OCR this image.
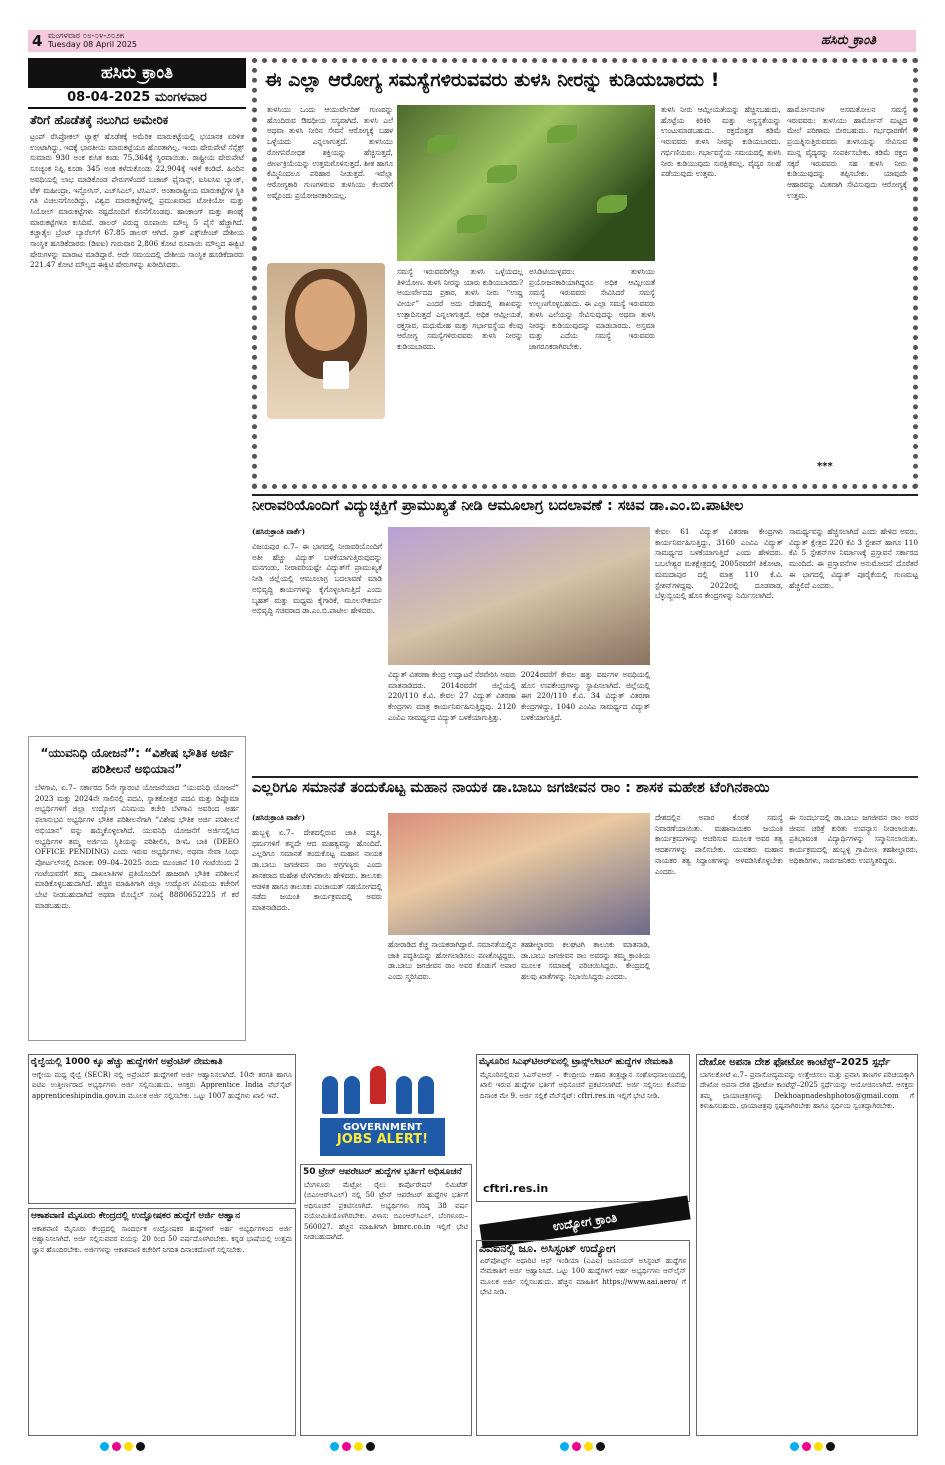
4 ಮಂಗಳವಾರ ೦೮-೦೪-೨೦೨೫
Tuesday 08 April 2025	ಹಸಿರು ಕ್ರಾಂತಿ
ಹಸಿರು ಕ್ರಾಂತಿ
08-04-2025 ಮಂಗಳವಾರ
ತೆರಿಗೆ ಹೊಡೆತಕ್ಕೆ ನಲುಗಿದ ಅಮೇರಿಕ
ಟ್ರಂಪ್ ರೆಸಿಪ್ರೋಕಲ್ ಟ್ಯಾಕ್ಸ್ ಹೊಡೆತಕ್ಕೆ ಅಮೆರಿಕ ಮಾರುಕಟ್ಟೆಯಲ್ಲಿ ಭಯಾನಕ ಏರಿಳಿತ ಉಂಟಾಗಿದ್ದು, ಇದಕ್ಕೆ ಭಾರತೀಯ ಮಾರುಕಟ್ಟೆಯೂ ಹೊರತಾಗಿಲ್ಲ. ಇಂದು ಷೇರುಪೇಟೆ ಸೆನ್ಸೆಕ್ಸ್ ಸುಮಾರು 930 ಅಂಕ ಕುಸಿತ ಕಂಡು 75,364ಕ್ಕೆ ಸ್ಥಿರವಾಯಿತು. ರಾಷ್ಟ್ರೀಯ ಷೇರುಪೇಟೆ ಸೂಚ್ಯಂಕ ನಿಫ್ಟಿ ಕೂಡಾ 345 ಅಂಕ ಕಳೆದುಕೊಂಡು 22,904ಕ್ಕೆ ಇಳಿಕೆ ಕಂಡಿದೆ. ಹಿಂದಿನ ಅವಧಿಯಲ್ಲಿ ಲಾಭ ಮಾಡಿಕೊಂಡ ಪೇರುಗಳೆಂದರೆ ಬಜಾಜ್ ಫೈನಾನ್ಸ್, ಐಸಿಐಸಿಐ ಬ್ಯಾಂಕ್, ಟೆಕ್ ಮಹೀಂದ್ರಾ, ಇನ್ಫೋಸಿಸ್, ಎಚ್‌ಸಿಎಲ್, ಟಿಸಿಎಸ್. ಅಂತಾರಾಷ್ಟ್ರೀಯ ಮಾರುಕಟ್ಟೆಗಳ ಸ್ಥಿತಿ ಗತಿ ವಿಚಲನಗೊಂಡಿದ್ದು, ವಿಶ್ವದ ಮಾರುಕಟ್ಟೆಗಳಲ್ಲಿ ಪ್ರಮುಖವಾದ ಟೋಕಿಯೋ ಮತ್ತು ಸಿಯೋಲ್ ಮಾರುಕಟ್ಟೆಗಳು ನಷ್ಟದೊಂದಿಗೆ ಕೊನೆಗೊಂಡವು. ಹಾಂಕಾಂಗ್ ಮತ್ತು ಶಾಂಘೈ ಮಾರುಕಟ್ಟೆಗಳೂ ಕುಸಿದಿವೆ. ಡಾಲರ್ ವಿರುದ್ಧ ರೂಪಾಯಿ ಮೌಲ್ಯ 5 ಪೈಸೆ ಹೆಚ್ಚಾಗಿದೆ. ಕಚ್ಚಾತೈಲ ಬ್ರೆಂಟ್ ಬ್ಯಾರೆಲ್‌ಗೆ 67.85 ಡಾಲರ್ ಆಗಿದೆ. ಸ್ಟಾಕ್ ಎಕ್ಸ್‌ಚೇಂಜ್ ದೇಶೀಯ ಸಾಂಸ್ಥಿಕ ಹೂಡಿಕೆದಾರರು (ಡಿಐಐ) ಗುರುವಾರ 2,806 ಕೋಟಿ ರೂಪಾಯಿ ಮೌಲ್ಯದ ಈಕ್ವಿಟಿ ಷೇರುಗಳನ್ನು ಮಾರಾಟ ಮಾಡಿದ್ದಾರೆ. ಅದೇ ಸಮಯದಲ್ಲಿ ದೇಶೀಯ ಸಾಂಸ್ಥಿಕ ಹೂಡಿಕೆದಾರರು 221.47 ಕೋಟಿ ಮೌಲ್ಯದ ಈಕ್ವಿಟಿ ಷೇರುಗಳನ್ನು ಖರೀದಿಸಿದರು.
“ಯುವನಿಧಿ ಯೋಜನೆ”: “ವಿಶೇಷ ಭೌತಿಕ ಅರ್ಜಿ ಪರಿಶೀಲನೆ ಅಭಿಯಾನ”
ಬೆಳಗಾವಿ, ಏ.7– ಸರ್ಕಾರದ 5ನೇ ಗ್ಯಾರಂಟಿ ಯೋಜನೆಯಾದ “ಯುವನಿಧಿ ಯೋಜನೆ” 2023 ಮತ್ತು 2024ನೇ ಸಾಲಿನಲ್ಲಿ ಪದವಿ, ಸ್ನಾತಕೋತ್ತರ ಪದವಿ ಮತ್ತು ಡಿಪ್ಲೊಮಾ ಅಭ್ಯರ್ಥಿಗಳಿಗೆ ಜಿಲ್ಲಾ ಉದ್ಯೋಗ ವಿನಿಮಯ ಕಚೇರಿ ಬೆಳಗಾವಿ ಅವರಿಂದ ಅರ್ಹ ಫಲಾನುಭವಿ ಅಭ್ಯರ್ಥಿಗಳ ಭೌತಿಕ ಪರಿಶೀಲನೆಗಾಗಿ “ವಿಶೇಷ ಭೌತಿಕ ಅರ್ಜಿ ಪರಿಶೀಲನೆ ಅಭಿಯಾನ” ವನ್ನು ಹಮ್ಮಿಕೊಳ್ಳಲಾಗಿದೆ. ಯುವನಿಧಿ ಯೋಜನೆಗೆ ಅರ್ಜಿಸಲ್ಲಿಸಿದ ಅಭ್ಯರ್ಥಿಗಳ ತಮ್ಮ ಅರ್ಜಿಯ ಸ್ಥಿತಿಯನ್ನು ಪರಿಶೀಲಿಸಿ, ಡಿಇಓ ಬಾಕಿ (DEEO OFFICE PENDING) ಎಂದು ಇರುವ ಅಭ್ಯರ್ಥಿಗಳು, ಅಥವಾ ಸೇವಾ ಸಿಂಧು ಪೋರ್ಟಲ್‌ನಲ್ಲಿ ದಿನಾಂಕ: 09–04–2025 ರಂದು ಮುಂಜಾನೆ 10 ಗಂಟೆಯಿಂದ 2 ಗಂಟೆಯವರೆಗೆ ತಮ್ಮ ದಾಖಲಾತಿಗಳ ಪ್ರತಿಯೊಂದಿಗೆ ಹಾಜರಾಗಿ ಭೌತಿಕ ಪರಿಶೀಲನೆ ಮಾಡಿಕೊಳ್ಳಬಹುದಾಗಿದೆ. ಹೆಚ್ಚಿನ ಮಾಹಿತಿಗಾಗಿ ಜಿಲ್ಲಾ ಉದ್ಯೋಗ ವಿನಿಮಯ ಕಚೇರಿಗೆ ಬೇಟಿ ನೀಡಬಹುದಾಗಿದೆ ಅಥವಾ ಮೊಬೈಲ್ ಸಂಖ್ಯೆ 8880652225 ಗೆ ಕರೆ ಮಾಡಬಹುದು.
ಈ ಎಲ್ಲಾ ಆರೋಗ್ಯ ಸಮಸ್ಯೆಗಳಿರುವವರು ತುಳಸಿ ನೀರನ್ನು ಕುಡಿಯಬಾರದು !
ತುಳಸಿಯು ಒಂದು ಆಯುರ್ವೇದಿಕ್ ಗುಣವನ್ನು ಹೊಂದಿರುವ ಔಷಧೀಯ ಸಸ್ಯವಾಗಿದೆ. ತುಳಸಿ ಎಲೆ ಅಥವಾ ತುಳಸಿ ನೀರಿನ ಸೇವನೆ ಆರೋಗ್ಯಕ್ಕೆ ಬಹಳ ಒಳ್ಳೆಯದು ಎನ್ನಲಾಗುತ್ತದೆ. ತುಳಸಿಯು ರೋಗನಿರೋಧಕ ಶಕ್ತಿಯನ್ನು ಹೆಚ್ಚಿಸುತ್ತದೆ, ಜೀರ್ಣಕ್ರಿಯೆಯನ್ನು ಉತ್ತಮಗೊಳಿಸುತ್ತದೆ. ಶೀತ ಹಾಗೂ ಕೆಮ್ಮಿನಿಂದಲೂ ಪರಿಹಾರ ನೀಡುತ್ತದೆ. ಇವೆಲ್ಲಾ ಆರೋಗ್ಯಕಾರಿ ಗುಣಗಳಿರುವ ತುಳಸಿಯು ಕೆಲವರಿಗೆ ಅಷ್ಟೊಂದು ಪ್ರಯೋಜನಕಾರಿಯಲ್ಲ.
ಸಮಸ್ಯೆ ಇರುವವರಿಗೆಲ್ಲಾ ತುಳಸಿ ಒಳ್ಳೆಯದಲ್ಲ ತಿಳಿಯೋಣ. ತುಳಸಿ ನೀರನ್ನು ಯಾರು ಕುಡಿಯಬಾರದು? ಆಯುರ್ವೇದದ ಪ್ರಕಾರ, ತುಳಸಿ ನೀರು “ಉಷ್ಣ ವೀರ್ಯ” ಎಂದರೆ ಅದು ದೇಹದಲ್ಲಿ ಶಾಖವನ್ನು ಉತ್ಪಾದಿಸುತ್ತದೆ ಎನ್ನಲಾಗುತ್ತದೆ. ಅಧಿಕ ಆಮ್ಲೀಯತೆ, ರಕ್ತಸ್ರಾವ, ಮಧುಮೇಹ ಮತ್ತು ಗರ್ಭಾವಸ್ಥೆಯ ಕೆಲವು ಆರೋಗ್ಯ ಸಮಸ್ಯೆಗಳಿರುವವರು ತುಳಸಿ ನೀರನ್ನು ಕುಡಿಯಬಾರದು.
ಅಸಿಡಿಟಿಯುಳ್ಳವರು: ತುಳಸಿಯು ಪ್ರಯೋಜನಕಾರಿಯಾಗಿದ್ದರೂ ಅಧಿಕ ಆಮ್ಲೀಯತೆ ಸಮಸ್ಯೆ ಇರುವವರು ಸೇವಿಸಿದರೆ ಸಮಸ್ಯೆ ಉಲ್ಬಣಗೊಳ್ಳಬಹುದು. ಈ ಎಲ್ಲಾ ಸಮಸ್ಯೆ ಇರುವವರು ತುಳಸಿ ಎಲೆಯನ್ನು ಸೇವಿಸುವುದನ್ನು ಅಥವಾ ತುಳಸಿ ನೀರನ್ನು ಕುಡಿಯುವುದನ್ನು ಮಾಡಬಾರದು. ಅಸ್ತಮಾ ಮತ್ತು ಎದೆಯ ಸಮಸ್ಯೆ ಇರುವವರು ಜಾಗರೂಕರಾಗಿರಬೇಕು.
ತುಳಸಿ ನೀರು ಆಮ್ಲೀಯತೆಯನ್ನು ಹೆಚ್ಚಿಸಬಹುದು, ಹೊಟ್ಟೆಯ ಕಿರಿಕಿರಿ ಮತ್ತು ಅಸ್ವಸ್ಥತೆಯನ್ನು ಉಂಟುಮಾಡಬಹುದು. ರಕ್ತದೊತ್ತಡ ಕಡಿಮೆ ಇರುವವರು ತುಳಸಿ ನೀರನ್ನು ಕುಡಿಯಬಾರದು. ಗರ್ಭಿಣಿಯರು: ಗರ್ಭಾವಸ್ಥೆಯ ಸಮಯದಲ್ಲಿ ತುಳಸಿ ನೀರು ಕುಡಿಯುವುದು ಸುರಕ್ಷಿತವಲ್ಲ. ವೈದ್ಯರ ಸಲಹೆ ಪಡೆಯುವುದು ಉತ್ತಮ.
ಹಾರ್ಮೋನುಗಳ ಅಸಮತೋಲನ ಸಮಸ್ಯೆ ಇರುವವರು: ತುಳಸಿಯು ಹಾರ್ಮೋನ್ ಮಟ್ಟದ ಮೇಲೆ ಪರಿಣಾಮ ಬೀರಬಹುದು. ಗರ್ಭಧಾರಣೆಗೆ ಪ್ರಯತ್ನಿಸುತ್ತಿರುವವರು ತುಳಸಿಯನ್ನು ಸೇವಿಸುವ ಮುನ್ನ ವೈದ್ಯರನ್ನು ಸಂಪರ್ಕಿಸಬೇಕು. ಕಡಿಮೆ ರಕ್ತದ ಸಕ್ಕರೆ ಇರುವವರು ಸಹ ತುಳಸಿ ನೀರು ಕುಡಿಯುವುದನ್ನು ತಪ್ಪಿಸಬೇಕು. ಯಾವುದೇ ಆಹಾರವನ್ನು ಮಿತವಾಗಿ ಸೇವಿಸುವುದು ಆರೋಗ್ಯಕ್ಕೆ ಉತ್ತಮ.
***
ನೀರಾವರಿಯೊಂದಿಗೆ ವಿದ್ಯುಚ್ಛಕ್ತಿಗೆ ಪ್ರಾಮುಖ್ಯತೆ ನೀಡಿ ಆಮೂಲಾಗ್ರ ಬದಲಾವಣೆ : ಸಚಿವ ಡಾ.ಎಂ.ಬಿ.ಪಾಟೀಲ
(ಹಸಿರುಕ್ರಾಂತಿ ವಾರ್ತೆ)
ವಿಜಯಪುರ ಏ.7– ಈ ಭಾಗದಲ್ಲಿ ನೀರಾವರಿಯೊಂದಿಗೆ ಅತೀ ಹೆಚ್ಚು ವಿದ್ಯುತ್ ಬಳಕೆಯಾಗುತ್ತಿರುವುದನ್ನು ಮನಗಂಡು, ನೀರಾವರಿಯಷ್ಟೇ ವಿದ್ಯುತ್‌ಗೆ ಪ್ರಾಮುಖ್ಯತೆ ನೀಡಿ ಜಿಲ್ಲೆಯಲ್ಲಿ ಆಮೂಲಾಗ್ರ ಬದಲಾವಣೆ ಮಾಡಿ ಅಭಿವೃದ್ಧಿ ಕಾರ್ಯಗಳನ್ನು ಕೈಗೊಳ್ಳಲಾಗುತ್ತಿದೆ ಎಂದು ಬೃಹತ್ ಮತ್ತು ಮಧ್ಯಮ ಕೈಗಾರಿಕೆ, ಮೂಲಸೌಕರ್ಯ ಅಭಿವೃದ್ಧಿ ಸಚಿವರಾದ ಡಾ.ಎಂ.ಬಿ.ಪಾಟೀಲ ಹೇಳಿದರು.
ವಿದ್ಯುತ್ ವಿತರಣಾ ಕೇಂದ್ರ ಉದ್ಘಾಟನೆ ನೆರವೇರಿಸಿ ಅವರು ಮಾತನಾಡಿದರು. 2014ರವರೆಗೆ ಜಿಲ್ಲೆಯಲ್ಲಿ 220/110 ಕೆ.ವಿ. ಕೇವಲ 27 ವಿದ್ಯುತ್ ವಿತರಣಾ ಕೇಂದ್ರಗಳು ಮಾತ್ರ ಕಾರ್ಯನಿರ್ವಹಿಸುತ್ತಿದ್ದವು. 2120 ಎಂವಿಎ ಸಾಮರ್ಥ್ಯದ ವಿದ್ಯುತ್ ಬಳಕೆಯಾಗುತ್ತಿತ್ತು.
2024ರವರೆಗೆ ಕೇವಲ ಹತ್ತು ವರ್ಷಗಳ ಅವಧಿಯಲ್ಲಿ ಹೊಸ ಉಪಕೇಂದ್ರಗಳನ್ನು ಸ್ಥಾಪಿಸಲಾಗಿದೆ. ಜಿಲ್ಲೆಯಲ್ಲಿ ಈಗ 220/110 ಕೆ.ವಿ. 34 ವಿದ್ಯುತ್ ವಿತರಣಾ ಕೇಂದ್ರಗಳಿದ್ದು, 1040 ಎಂವಿಎ ಸಾಮರ್ಥ್ಯದ ವಿದ್ಯುತ್ ಬಳಕೆಯಾಗುತ್ತಿದೆ.
ಕೇವಲ 61 ವಿದ್ಯುತ್ ವಿತರಣಾ ಕೇಂದ್ರಗಳು ಕಾರ್ಯನಿರ್ವಹಿಸುತ್ತಿದ್ದು, 3160 ಎಂವಿಎ ವಿದ್ಯುತ್ ಸಾಮರ್ಥ್ಯದ ಬಳಕೆಯಾಗುತ್ತಿದೆ ಎಂದು ಹೇಳಿದರು. ಬಬಲೇಶ್ವರ ಮತಕ್ಷೇತ್ರದಲ್ಲಿ 2005ರವರೆಗೆ ತಿಕೋಟಾ, ಮಮದಾಪುರ ದಲ್ಲಿ ಮಾತ್ರ 110 ಕೆ.ವಿ. ಸ್ಟೇಶನ್‌ಗಳಿದ್ದವು. 2022ರಲ್ಲಿ ದೂಡವಾಡ, ಬೆಳ್ಳುಬ್ಬಿಯಲ್ಲಿ ಹೊಸ ಕೇಂದ್ರಗಳನ್ನು ನಿರ್ಮಿಸಲಾಗಿದೆ.
ಸಾಮರ್ಥ್ಯವನ್ನು ಹೆಚ್ಚಿಸಲಾಗಿದೆ ಎಂದು ಹೇಳಿದ ಅವರು, ವಿದ್ಯುತ್ ಕ್ಷೇತ್ರದ 220 ಕೆವಿ 3 ಸ್ಟೇಶನ್ ಹಾಗೂ 110 ಕೆವಿ 5 ಸ್ಟೇಶನ್‌ಗಳ ನಿರ್ಮಾಣಕ್ಕೆ ಪ್ರಸ್ತಾವನೆ ಸರ್ಕಾರದ ಮುಂದಿದೆ. ಈ ಪ್ರಸ್ತಾವನೆಗಳ ಅನುಮೋದನೆ ದೊರೆತರೆ ಈ ಭಾಗದಲ್ಲಿ ವಿದ್ಯುತ್ ಪೂರೈಕೆಯಲ್ಲಿ ಗುಣಮಟ್ಟ ಹೆಚ್ಚಲಿದೆ ಎಂದರು.
ಎಲ್ಲರಿಗೂ ಸಮಾನತೆ ತಂದುಕೊಟ್ಟ ಮಹಾನ ನಾಯಕ ಡಾ.ಬಾಬು ಜಗಜೀವನ ರಾಂ : ಶಾಸಕ ಮಹೇಶ ಟೆಂಗಿನಕಾಯಿ
(ಹಸಿರುಕ್ರಾಂತಿ ವಾರ್ತೆ)
ಹುಬ್ಬಳ್ಳಿ ಏ.7– ದೇಶದಲ್ಲಿರುವ ಜಾತಿ ಪದ್ಧತಿ, ಧರ್ಮಗಳಿಗೆ ತನ್ನದೇ ಆದ ಮಹತ್ವವನ್ನು ಹೊಂದಿದೆ. ಎಲ್ಲರಿಗೂ ಸಮಾನತೆ ತಂದುಕೊಟ್ಟ ಮಹಾನ ನಾಯಕ ಡಾ.ಬಾಬು ಜಗಜೀವನ ರಾಂ ಅಗ್ರಗಣ್ಯರು ಎಂದು ಶಾಸಕರಾದ ಮಹೇಶ ಟೆಂಗಿನಕಾಯಿ ಹೇಳಿದರು. ತಾಲೂಕು ಆಡಳಿತ ಹಾಗೂ ತಾಲೂಕು ಪಂಚಾಯತ್ ಸಹಯೋಗದಲ್ಲಿ ನಡೆದ ಜಯಂತಿ ಕಾರ್ಯಕ್ರಮದಲ್ಲಿ ಅವರು ಮಾತನಾಡಿದರು.
ಹೋರಾಡಿದ ಕೆಚ್ಚ ನಾಯಕರಾಗಿದ್ದಾರೆ. ಸಮಾನತೆಯಲ್ಲಿನ ಜಾತಿ ಪದ್ಧತಿಯನ್ನು ಹೋಗಲಾಡಿಸಲು ಪಣತೊಟ್ಟಿದ್ದರು. ಡಾ.ಬಾಬು ಜಗಜೀವನ ರಾಂ ಅವರ ಕೊಡುಗೆ ಅಪಾರ ಎಂದು ಸ್ಮರಿಸಿದರು.
ತಹಶೀಲ್ದಾರರು ಕಲಘಟಗಿ ತಾಲೂಕು ಮಾತನಾಡಿ, ಡಾ.ಬಾಬು ಜಗಜೀವನ ರಾಂ ಅವರನ್ನು ತಮ್ಮ ಕ್ರಾಂತಿಯ ಮೂಲಕ ಸಮಾಜಕ್ಕೆ ಪರಿಚಯಿಸಿದ್ದರು. ಕೇಂದ್ರದಲ್ಲಿ ಹಲವು ಖಾತೆಗಳನ್ನು ನಿಭಾಯಿಸಿದ್ದರು ಎಂದರು.
ದೇಶದಲ್ಲಿನ ಅಪಾರ ಕೊರತೆ ಸಮಸ್ಯೆ ನಿವಾರಣೆಯಾಯಿತು. ಮಹಾನಾಯಕರ ಜಯಂತಿ ಕಾರ್ಯಕ್ರಮಗಳನ್ನು ಆಚರಿಸುವ ಮೂಲಕ ಅವರ ತತ್ವ ಆದರ್ಶಗಳನ್ನು ಪಾಲಿಸಬೇಕು. ಯುವಕರು ಮಹಾನ ನಾಯಕರ ತತ್ವ ಸಿದ್ಧಾಂತಗಳನ್ನು ಅಳವಡಿಸಿಕೊಳ್ಳಬೇಕು ಎಂದರು.
ಈ ಸಂದರ್ಭದಲ್ಲಿ ಡಾ.ಬಾಬು ಜಗಜೀವನ ರಾಂ ಅವರ ಜೀವನ ಚರಿತ್ರೆ ಕುರಿತು ಉಪನ್ಯಾಸ ನೀಡಲಾಯಿತು. ಪ್ರತಿಭಾವಂತ ವಿದ್ಯಾರ್ಥಿಗಳನ್ನು ಸನ್ಮಾನಿಸಲಾಯಿತು. ಕಾರ್ಯಕ್ರಮದಲ್ಲಿ ಹುಬ್ಬಳ್ಳಿ ಗ್ರಾಮೀಣ ತಹಶೀಲ್ದಾರರು, ಅಧಿಕಾರಿಗಳು, ಸಾರ್ವಜನಿಕರು ಉಪಸ್ಥಿತರಿದ್ದರು.
ರೈಲ್ವೆಯಲ್ಲಿ 1000 ಕ್ಕೂ ಹೆಚ್ಚು ಹುದ್ದೆಗಳಿಗೆ ಅಪ್ರೆಂಟಿಸ್ ನೇಮಕಾತಿ
ಆಗ್ನೇಯ ಮಧ್ಯ ರೈಲ್ವೆ (SECR) ನಲ್ಲಿ ಅಪ್ರೆಂಟಿಸ್ ಹುದ್ದೆಗಳಿಗೆ ಅರ್ಜಿ ಆಹ್ವಾನಿಸಲಾಗಿದೆ. 10ನೇ ತರಗತಿ ಹಾಗೂ ಐಟಿಐ ಉತ್ತೀರ್ಣರಾದ ಅಭ್ಯರ್ಥಿಗಳು ಅರ್ಜಿ ಸಲ್ಲಿಸಬಹುದು. ಆಸಕ್ತರು Apprentice India ವೆಬ್‌ಸೈಟ್ apprenticeshipindia.gov.in ಮೂಲಕ ಅರ್ಜಿ ಸಲ್ಲಿಸಬೇಕು. ಒಟ್ಟು 1007 ಹುದ್ದೆಗಳು ಖಾಲಿ ಇವೆ.
ಆಕಾಶವಾಣಿ ಮೈಸೂರು ಕೇಂದ್ರದಲ್ಲಿ ಉದ್ಘೋಷಕರ ಹುದ್ದೆಗೆ ಅರ್ಜಿ ಆಹ್ವಾನ
ಆಕಾಶವಾಣಿ ಮೈಸೂರು ಕೇಂದ್ರದಲ್ಲಿ ಸಾಂದರ್ಭಿಕ ಉದ್ಘೋಷಕರ ಹುದ್ದೆಗಳಿಗೆ ಅರ್ಹ ಅಭ್ಯರ್ಥಿಗಳಿಂದ ಅರ್ಜಿ ಆಹ್ವಾನಿಸಲಾಗಿದೆ. ಅರ್ಜಿ ಸಲ್ಲಿಸುವವರ ವಯಸ್ಸು 20 ರಿಂದ 50 ವರ್ಷದೊಳಗಿರಬೇಕು. ಕನ್ನಡ ಭಾಷೆಯಲ್ಲಿ ಉತ್ತಮ ಜ್ಞಾನ ಹೊಂದಿರಬೇಕು. ಅರ್ಜಿಗಳನ್ನು ಆಕಾಶವಾಣಿ ಕಚೇರಿಗೆ ನಿಗದಿತ ದಿನಾಂಕದೊಳಗೆ ಸಲ್ಲಿಸಬೇಕು.
GOVERNMENT
JOBS ALERT!
50 ಟ್ರೇನ್ ಆಪರೇಟರ್ ಹುದ್ದೆಗಳ ಭರ್ತಿಗೆ ಅಧಿಸೂಚನೆ
ಬೆಂಗಳೂರು ಮೆಟ್ರೋ ರೈಲು ಕಾರ್ಪೊರೇಷನ್ ಲಿಮಿಟೆಡ್ (ಬಿಎಂಆರ್‌ಸಿಎಲ್) ನಲ್ಲಿ 50 ಟ್ರೇನ್ ಆಪರೇಟರ್ ಹುದ್ದೆಗಳ ಭರ್ತಿಗೆ ಅಧಿಸೂಚನೆ ಪ್ರಕಟಿಸಲಾಗಿದೆ. ಅಭ್ಯರ್ಥಿಗಳು ಗರಿಷ್ಠ 38 ವರ್ಷ ವಯೋಮಿತಿಯೊಳಗಿರಬೇಕು. ವಿಳಾಸ: ಬಿಎಂಆರ್‌ಸಿಎಲ್, ಬೆಂಗಳೂರು– 560027. ಹೆಚ್ಚಿನ ಮಾಹಿತಿಗಾಗಿ bmrc.co.in ಇಲ್ಲಿಗೆ ಭೇಟಿ ನೀಡಬಹುದಾಗಿದೆ.
ಮೈಸೂರಿನ ಸಿಎಫ್‌ಟಿಆರ್‌ಐನಲ್ಲಿ ಟ್ರಾನ್ಸ್‌ಲೇಟರ್ ಹುದ್ದೆಗಳ ನೇಮಕಾತಿ
ಮೈಸೂರಿನಲ್ಲಿರುವ ಸಿಎಸ್‌ಐಆರ್ – ಕೇಂದ್ರೀಯ ಆಹಾರ ತಂತ್ರಜ್ಞಾನ ಸಂಶೋಧನಾಲಯದಲ್ಲಿ ಖಾಲಿ ಇರುವ ಹುದ್ದೆಗಳ ಭರ್ತಿಗೆ ಅಧಿಸೂಚನೆ ಪ್ರಕಟಿಸಲಾಗಿದೆ. ಅರ್ಜಿ ಸಲ್ಲಿಸಲು ಕೊನೆಯ ದಿನಾಂಕ ಮೇ 9. ಅರ್ಜಿ ಸಲ್ಲಿಕೆ ವೆಬ್‌ಸೈಟ್: cftri.res.in ಇಲ್ಲಿಗೆ ಭೇಟಿ ನೀಡಿ.
cftri.res.in
ಉದ್ಯೋಗ ಕ್ರಾಂತಿ
ಎಎಐನಲ್ಲಿ ಜೂ. ಅಸಿಸ್ಟಂಟ್ ಉದ್ಯೋಗ
ಏರ್‌ಪೋರ್ಟ್ಸ್ ಅಥಾರಿಟಿ ಆಫ್ ಇಂಡಿಯಾ (ಎಎಐ) ಜೂನಿಯರ್ ಅಸಿಸ್ಟಂಟ್ ಹುದ್ದೆಗಳ ನೇಮಕಾತಿಗೆ ಅರ್ಜಿ ಆಹ್ವಾನಿಸಿದೆ. ಒಟ್ಟು 100 ಹುದ್ದೆಗಳಿಗೆ ಅರ್ಹ ಅಭ್ಯರ್ಥಿಗಳು ಆನ್‌ಲೈನ್ ಮೂಲಕ ಅರ್ಜಿ ಸಲ್ಲಿಸಬಹುದು. ಹೆಚ್ಚಿನ ಮಾಹಿತಿಗೆ https://www.aai.aero/ ಗೆ ಭೇಟಿ ನೀಡಿ.
ದೇಖೋ ಅಪನಾ ದೇಶ ಫೋಟೋ ಕಾಂಟೆಸ್ಟ್–2025 ಸ್ಪರ್ಧೆ
ಬಾಗಲಕೋಟೆ ಏ.7– ಪ್ರವಾಸೋದ್ಯಮವನ್ನು ಉತ್ತೇಜಿಸಲು ಮತ್ತು ಪ್ರವಾಸಿ ತಾಣಗಳ ಪರಿಚಯಕ್ಕಾಗಿ ದೇಖೋ ಅಪನಾ ದೇಶ ಫೋಟೋ ಕಾಂಟೆಸ್ಟ್–2025 ಸ್ಪರ್ಧೆಯನ್ನು ಆಯೋಜಿಸಲಾಗಿದೆ. ಆಸಕ್ತರು ತಮ್ಮ ಛಾಯಾಚಿತ್ರಗಳನ್ನು Dekhoapnadeshphotos@gmail.com ಗೆ ಕಳುಹಿಸಬಹುದು. ಛಾಯಾಚಿತ್ರವು ಸ್ಪಷ್ಟವಾಗಿರಬೇಕು ಹಾಗೂ ಸ್ಪರ್ಧಿಯ ಸ್ವಂತದ್ದಾಗಿರಬೇಕು.
